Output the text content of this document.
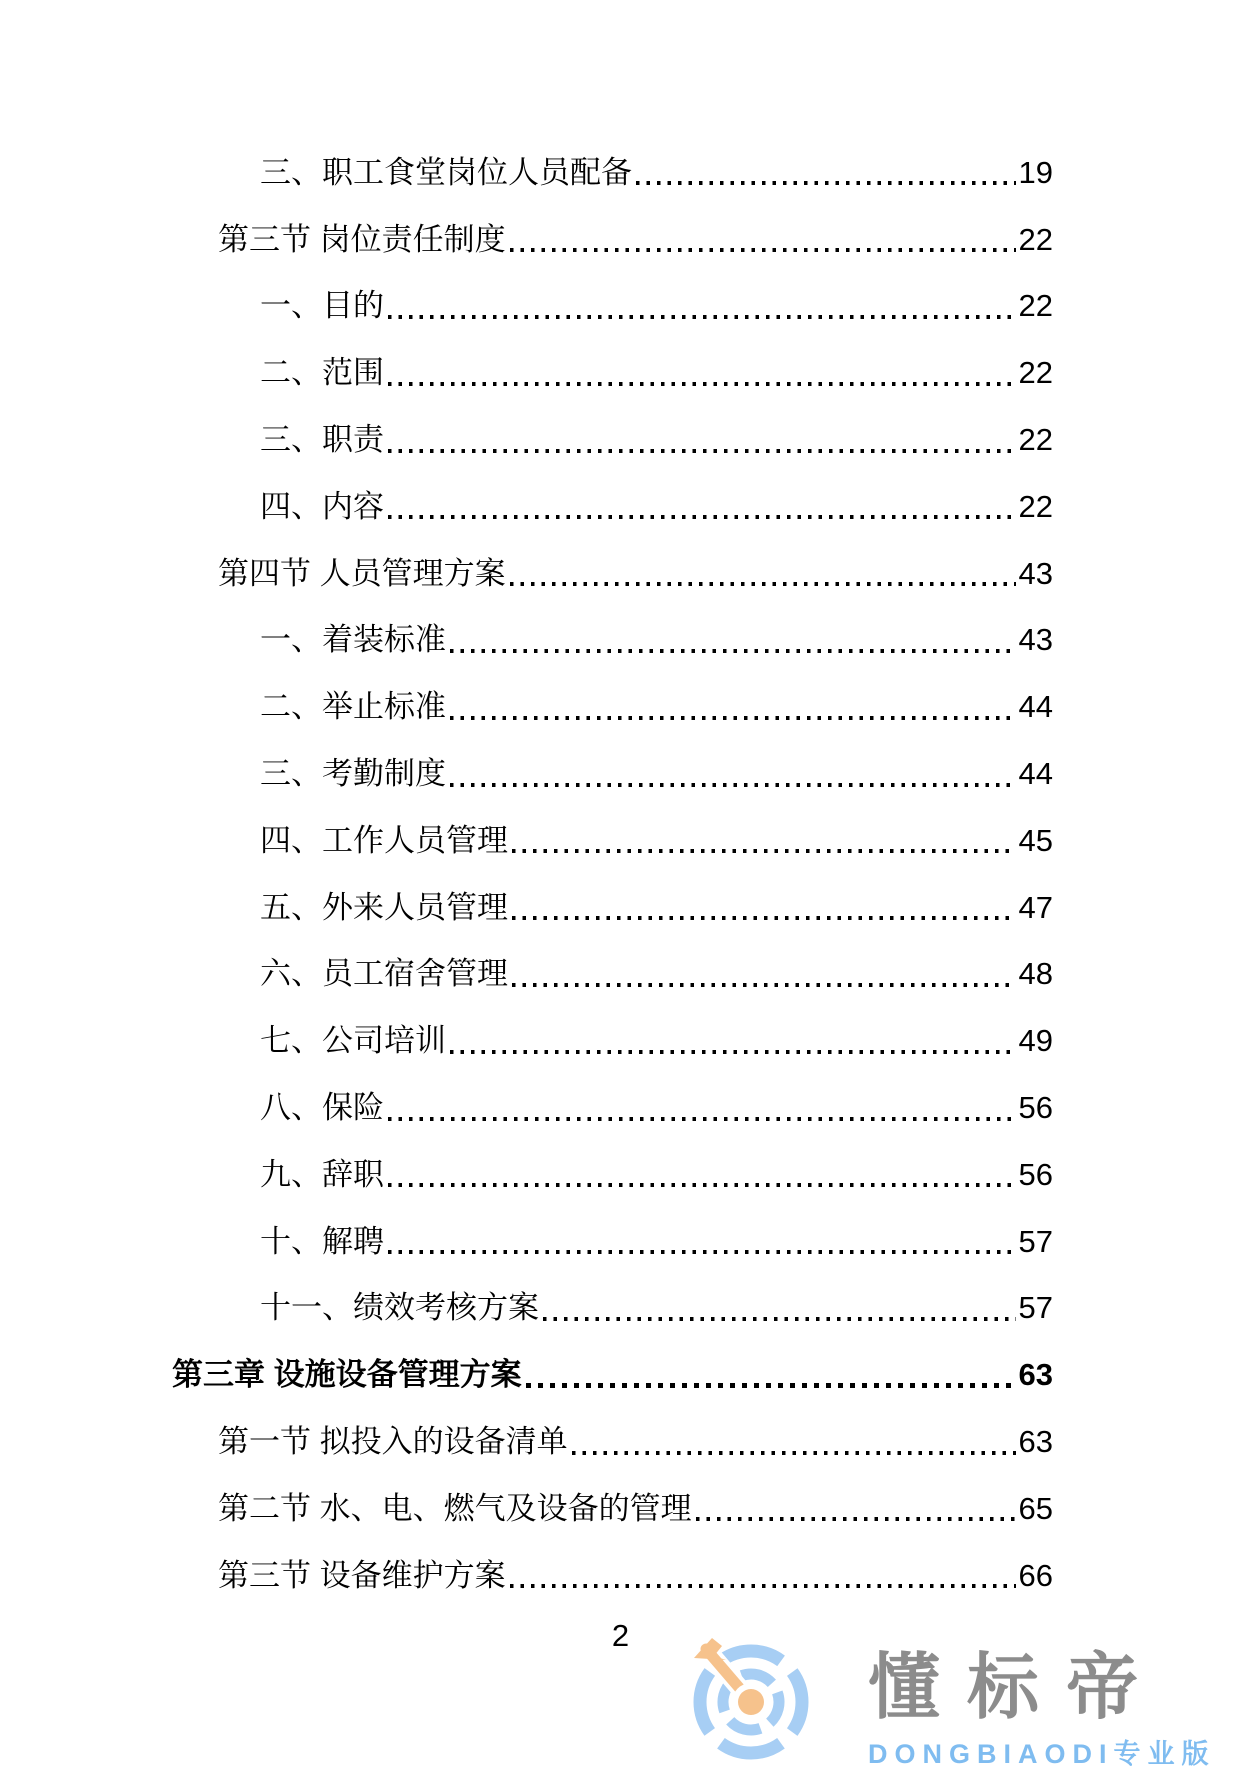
三、职工食堂岗位人员配备	19
第三节 岗位责任制度	22
一、目的	22
二、范围	22
三、职责	22
四、内容	22
第四节 人员管理方案	43
一、着装标准	43
二、举止标准	44
三、考勤制度	44
四、工作人员管理	45
五、外来人员管理	47
六、员工宿舍管理	48
七、公司培训	49
八、保险	56
九、辞职	56
十、解聘	57
十一、绩效考核方案	57
第三章 设施设备管理方案	63
第一节 拟投入的设备清单	63
第二节 水、电、燃气及设备的管理	65
第三节 设备维护方案	66
2
懂标帝
DONGBIAODI专业版
